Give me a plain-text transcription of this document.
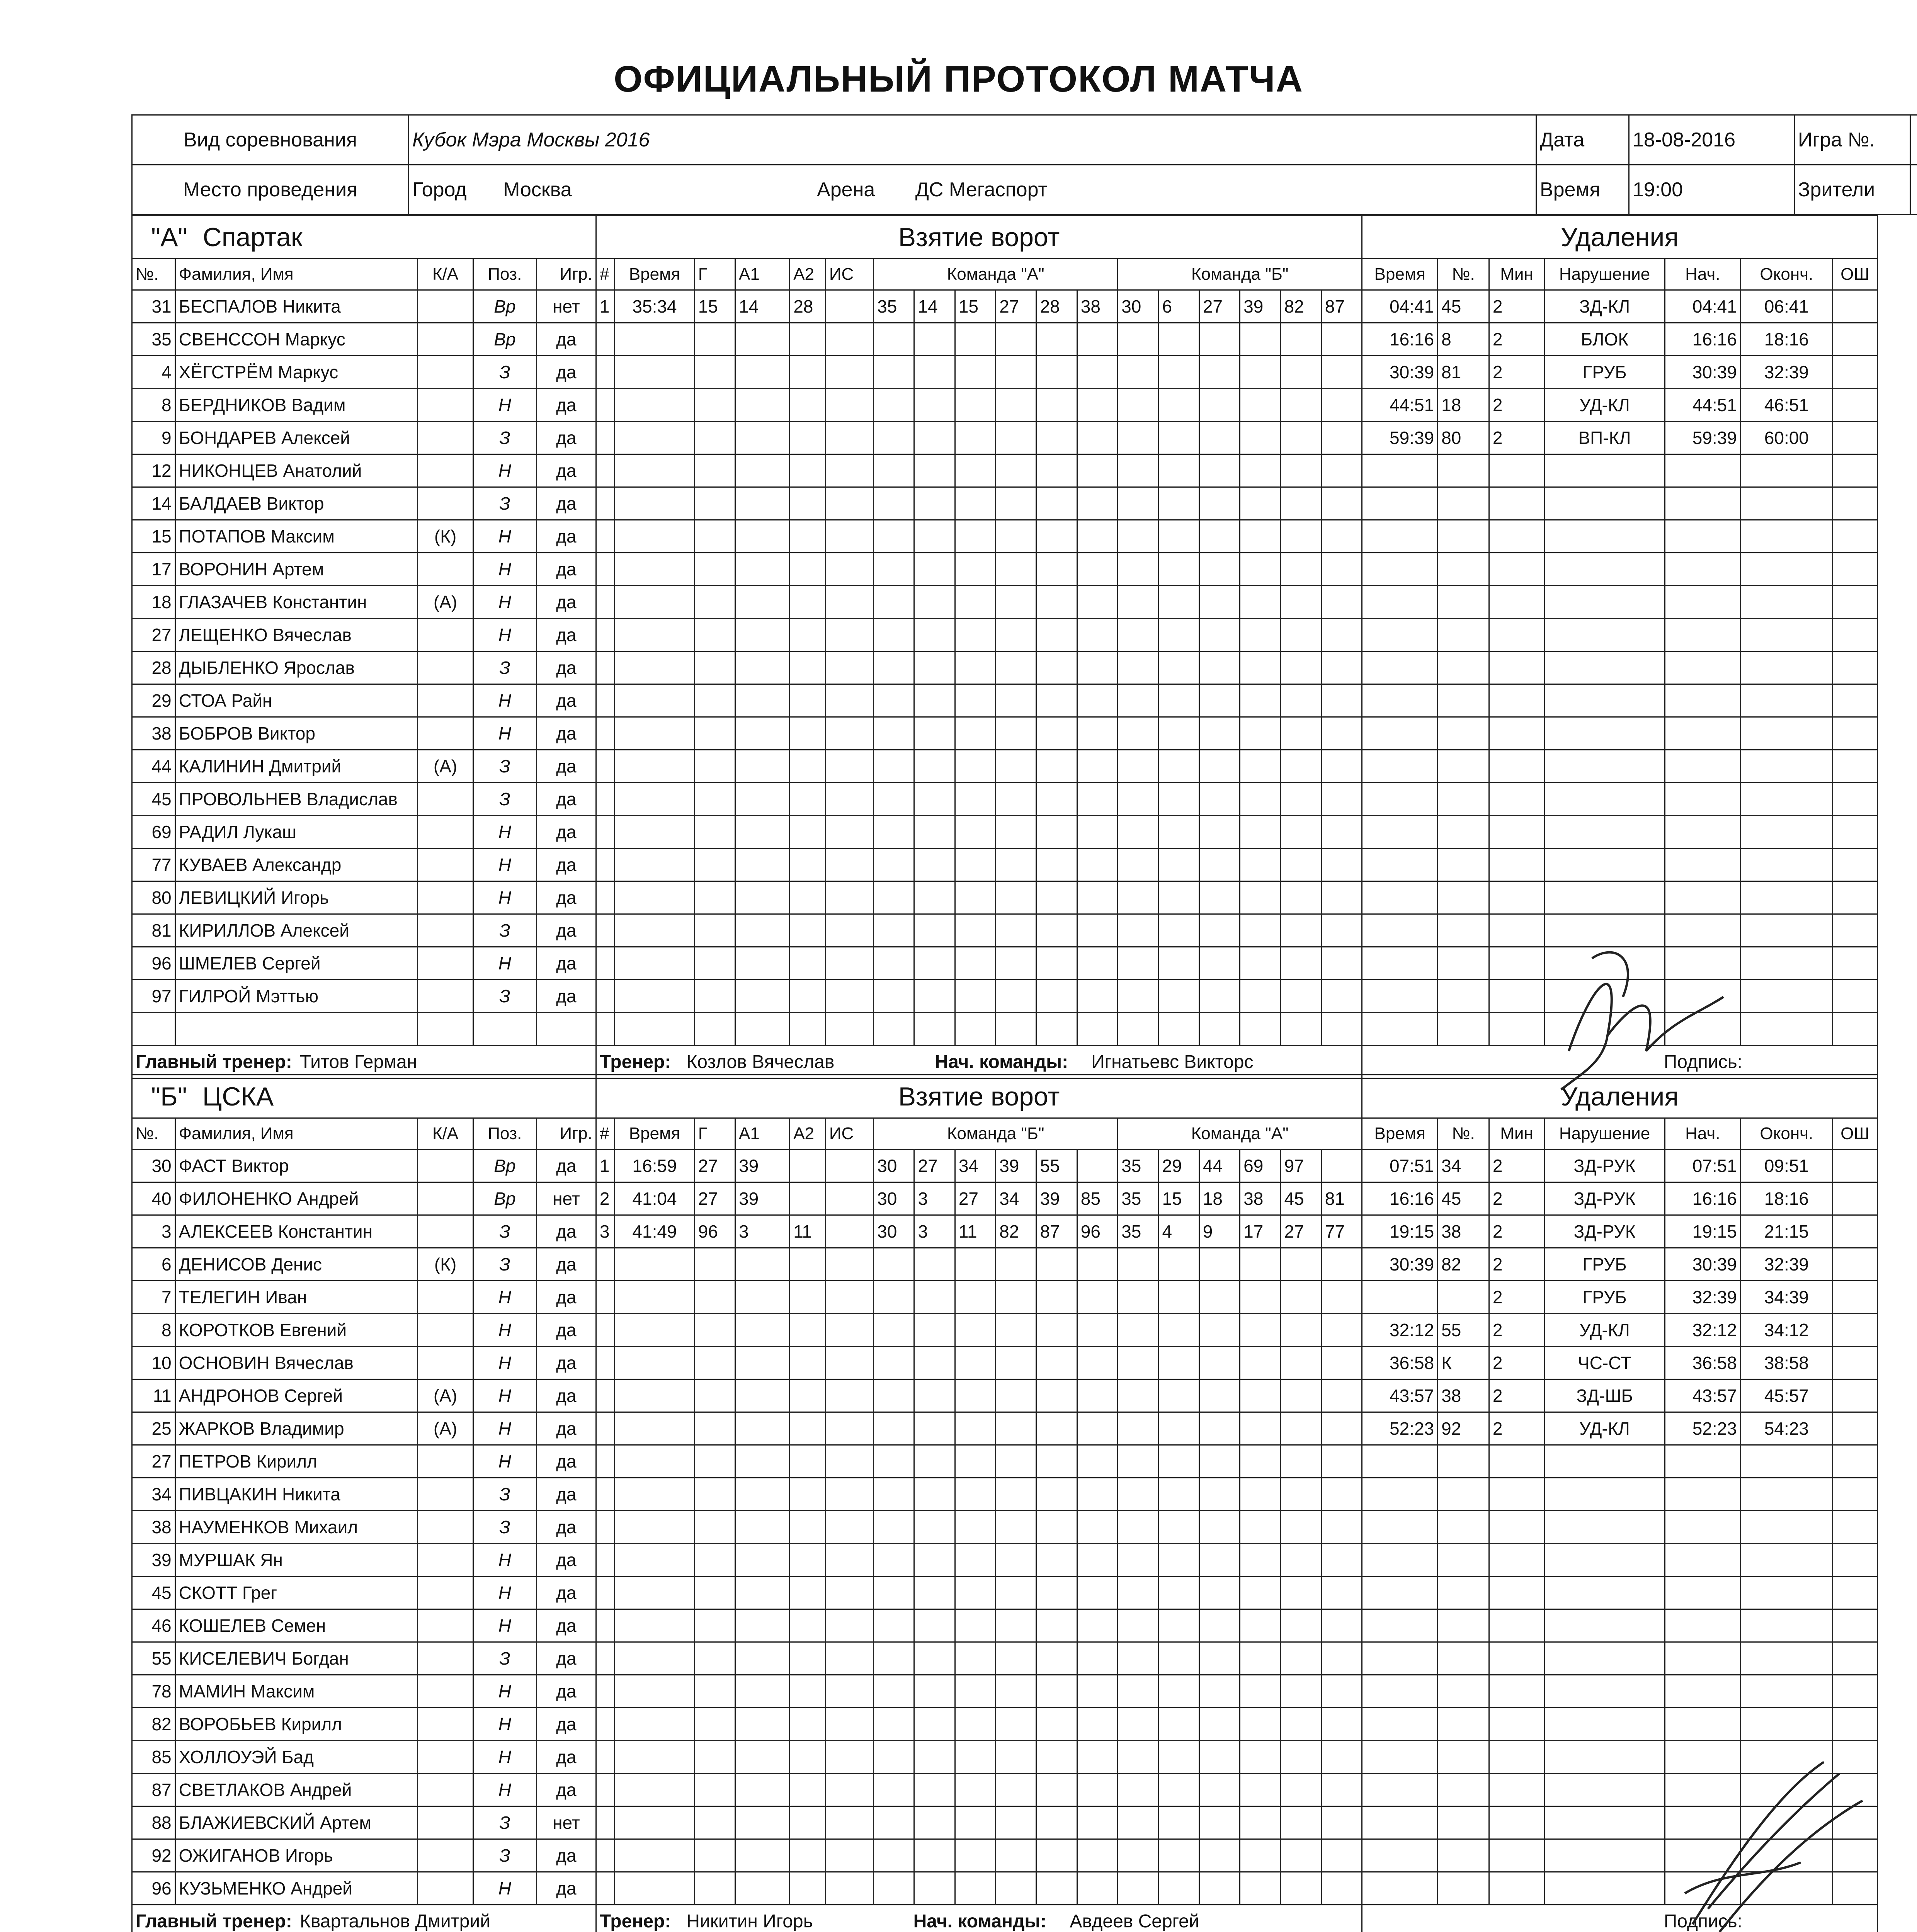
ОФИЦИАЛЬНЫЙ ПРОТОКОЛ МАТЧА
Вид соревнования	Кубок Мэра Москвы 2016	Дата	18-08-2016	Игра №.	
Место проведения	Город Москва Арена ДС Мегаспорт	Время	19:00	Зрители	
"А" Спартак					Взятие ворот																		Удаления						
№.	Фамилия, Имя	К/А	Поз.	Игр.	#	Время	Г	А1	А2	ИС	Команда "А"						Команда "Б"						Время	№.	Мин	Нарушение	Нач.	Оконч.	ОШ
31	БЕСПАЛОВ Никита		Вр	нет	1	35:34	15	14	28		35	14	15	27	28	38	30	6	27	39	82	87	04:41	45	2	ЗД-КЛ	04:41	06:41	
35	СВЕНССОН Маркус		Вр	да																			16:16	8	2	БЛОК	16:16	18:16	
4	ХЁГСТРЁМ Маркус		З	да																			30:39	81	2	ГРУБ	30:39	32:39	
8	БЕРДНИКОВ Вадим		Н	да																			44:51	18	2	УД-КЛ	44:51	46:51	
9	БОНДАРЕВ Алексей		З	да																			59:39	80	2	ВП-КЛ	59:39	60:00	
12	НИКОНЦЕВ Анатолий		Н	да																									
14	БАЛДАЕВ Виктор		З	да																									
15	ПОТАПОВ Максим	(К)	Н	да																									
17	ВОРОНИН Артем		Н	да																									
18	ГЛАЗАЧЕВ Константин	(А)	Н	да																									
27	ЛЕЩЕНКО Вячеслав		Н	да																									
28	ДЫБЛЕНКО Ярослав		З	да																									
29	СТОА Райн		Н	да																									
38	БОБРОВ Виктор		Н	да																									
44	КАЛИНИН Дмитрий	(А)	З	да																									
45	ПРОВОЛЬНЕВ Владислав		З	да																									
69	РАДИЛ Лукаш		Н	да																									
77	КУВАЕВ Александр		Н	да																									
80	ЛЕВИЦКИЙ Игорь		Н	да																									
81	КИРИЛЛОВ Алексей		З	да																									
96	ШМЕЛЕВ Сергей		Н	да																									
97	ГИЛРОЙ Мэттью		З	да																									

Главный тренер: Титов Герман					Тренер: Козлов Вячеслав Нач. команды: Игнатьевс Викторс																		Подпись:						
"Б" ЦСКА					Взятие ворот																		Удаления						
№.	Фамилия, Имя	К/А	Поз.	Игр.	#	Время	Г	А1	А2	ИС	Команда "Б"						Команда "А"						Время	№.	Мин	Нарушение	Нач.	Оконч.	ОШ
30	ФАСТ Виктор		Вр	да	1	16:59	27	39			30	27	34	39	55		35	29	44	69	97		07:51	34	2	ЗД-РУК	07:51	09:51	
40	ФИЛОНЕНКО Андрей		Вр	нет	2	41:04	27	39			30	3	27	34	39	85	35	15	18	38	45	81	16:16	45	2	ЗД-РУК	16:16	18:16	
3	АЛЕКСЕЕВ Константин		З	да	3	41:49	96	3	11		30	3	11	82	87	96	35	4	9	17	27	77	19:15	38	2	ЗД-РУК	19:15	21:15	
6	ДЕНИСОВ Денис	(К)	З	да																			30:39	82	2	ГРУБ	30:39	32:39	
7	ТЕЛЕГИН Иван		Н	да																					2	ГРУБ	32:39	34:39	
8	КОРОТКОВ Евгений		Н	да																			32:12	55	2	УД-КЛ	32:12	34:12	
10	ОСНОВИН Вячеслав		Н	да																			36:58	К	2	ЧС-СТ	36:58	38:58	
11	АНДРОНОВ Сергей	(А)	Н	да																			43:57	38	2	ЗД-ШБ	43:57	45:57	
25	ЖАРКОВ Владимир	(А)	Н	да																			52:23	92	2	УД-КЛ	52:23	54:23	
27	ПЕТРОВ Кирилл		Н	да																									
34	ПИВЦАКИН Никита		З	да																									
38	НАУМЕНКОВ Михаил		З	да																									
39	МУРШАК Ян		Н	да																									
45	СКОТТ Грег		Н	да																									
46	КОШЕЛЕВ Семен		Н	да																									
55	КИСЕЛЕВИЧ Богдан		З	да																									
78	МАМИН Максим		Н	да																									
82	ВОРОБЬЕВ Кирилл		Н	да																									
85	ХОЛЛОУЭЙ Бад		Н	да																									
87	СВЕТЛАКОВ Андрей		Н	да																									
88	БЛАЖИЕВСКИЙ Артем		З	нет																									
92	ОЖИГАНОВ Игорь		З	да																									
96	КУЗЬМЕНКО Андрей		Н	да																									
Главный тренер: Квартальнов Дмитрий					Тренер: Никитин Игорь Нач. команды: Авдеев Сергей																		Подпись:						
